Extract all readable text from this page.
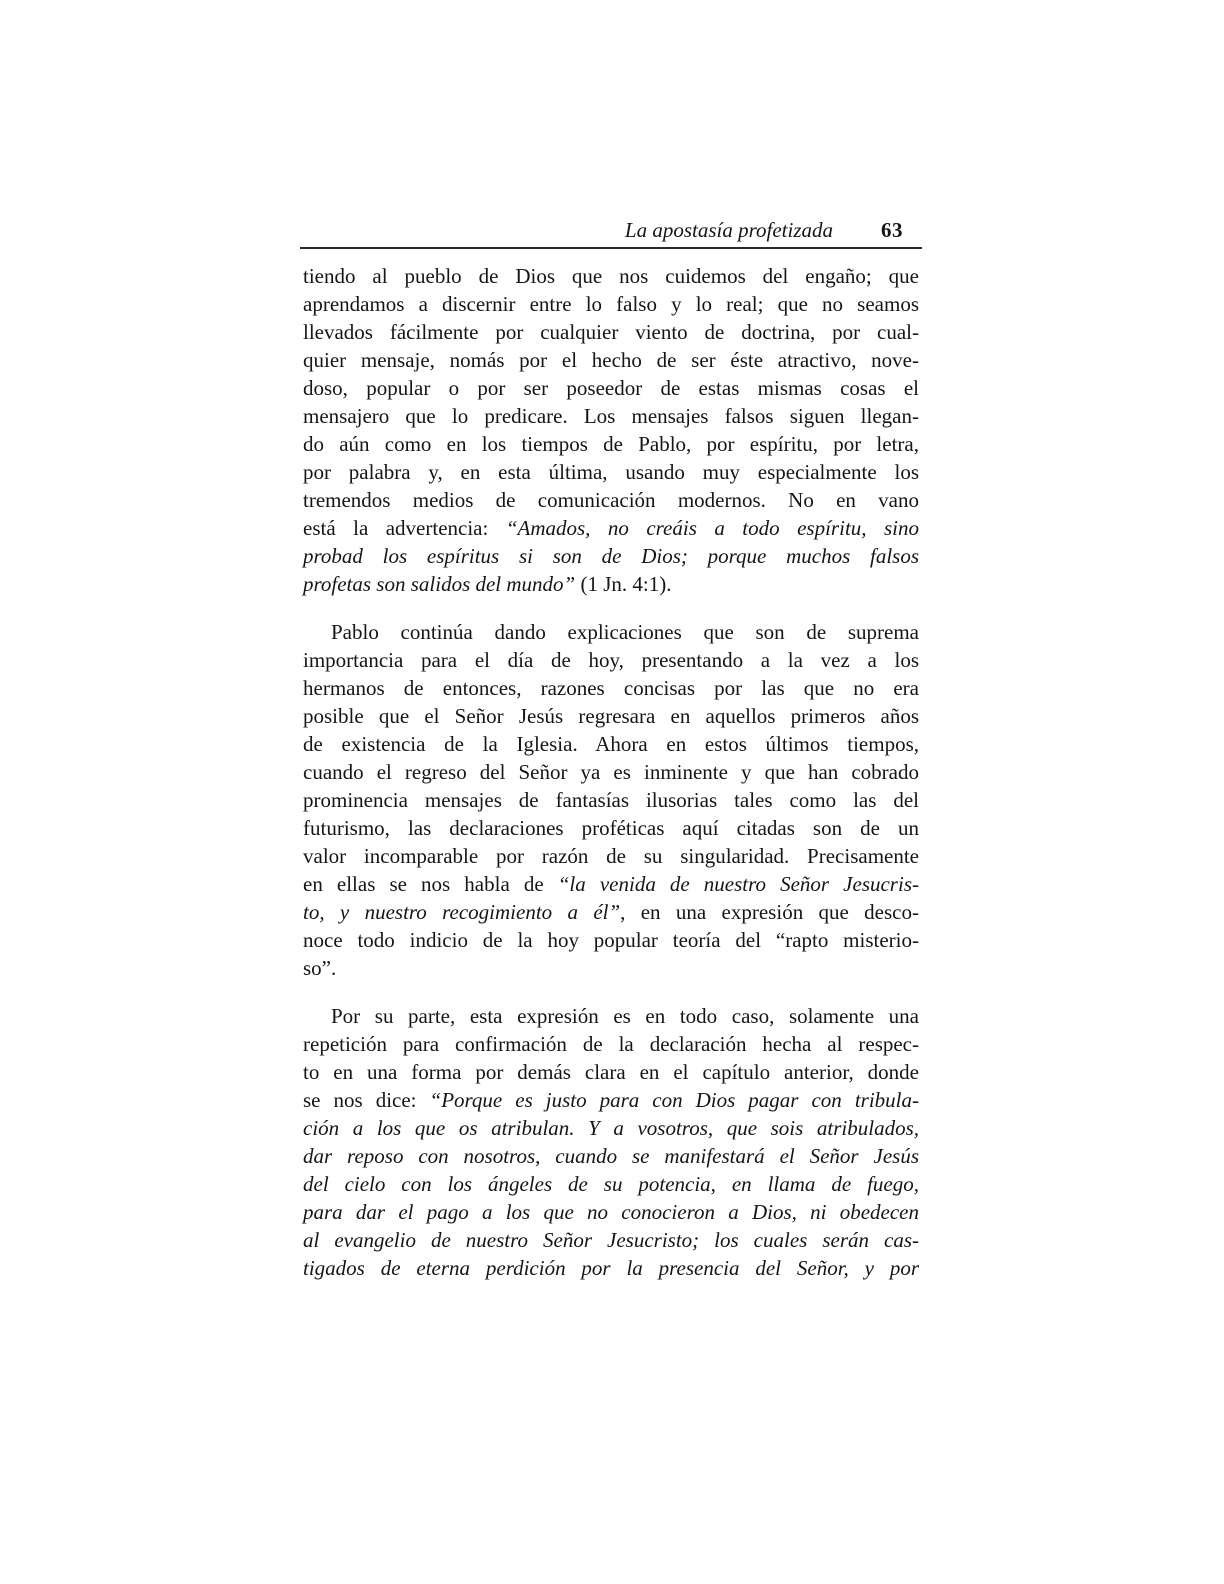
La apostasía profetizada 63
tiendo al pueblo de Dios que nos cuidemos del engaño; que
aprendamos a discernir entre lo falso y lo real; que no seamos
llevados fácilmente por cualquier viento de doctrina, por cual-
quier mensaje, nomás por el hecho de ser éste atractivo, nove-
doso, popular o por ser poseedor de estas mismas cosas el
mensajero que lo predicare. Los mensajes falsos siguen llegan-
do aún como en los tiempos de Pablo, por espíritu, por letra,
por palabra y, en esta última, usando muy especialmente los
tremendos medios de comunicación modernos. No en vano
está la advertencia: “Amados, no creáis a todo espíritu, sino
probad los espíritus si son de Dios; porque muchos falsos
profetas son salidos del mundo” (1 Jn. 4:1).
Pablo continúa dando explicaciones que son de suprema
importancia para el día de hoy, presentando a la vez a los
hermanos de entonces, razones concisas por las que no era
posible que el Señor Jesús regresara en aquellos primeros años
de existencia de la Iglesia. Ahora en estos últimos tiempos,
cuando el regreso del Señor ya es inminente y que han cobrado
prominencia mensajes de fantasías ilusorias tales como las del
futurismo, las declaraciones proféticas aquí citadas son de un
valor incomparable por razón de su singularidad. Precisamente
en ellas se nos habla de “la venida de nuestro Señor Jesucris-
to, y nuestro recogimiento a él”, en una expresión que desco-
noce todo indicio de la hoy popular teoría del “rapto misterio-
so”.
Por su parte, esta expresión es en todo caso, solamente una
repetición para confirmación de la declaración hecha al respec-
to en una forma por demás clara en el capítulo anterior, donde
se nos dice: “Porque es justo para con Dios pagar con tribula-
ción a los que os atribulan. Y a vosotros, que sois atribulados,
dar reposo con nosotros, cuando se manifestará el Señor Jesús
del cielo con los ángeles de su potencia, en llama de fuego,
para dar el pago a los que no conocieron a Dios, ni obedecen
al evangelio de nuestro Señor Jesucristo; los cuales serán cas-
tigados de eterna perdición por la presencia del Señor, y por
